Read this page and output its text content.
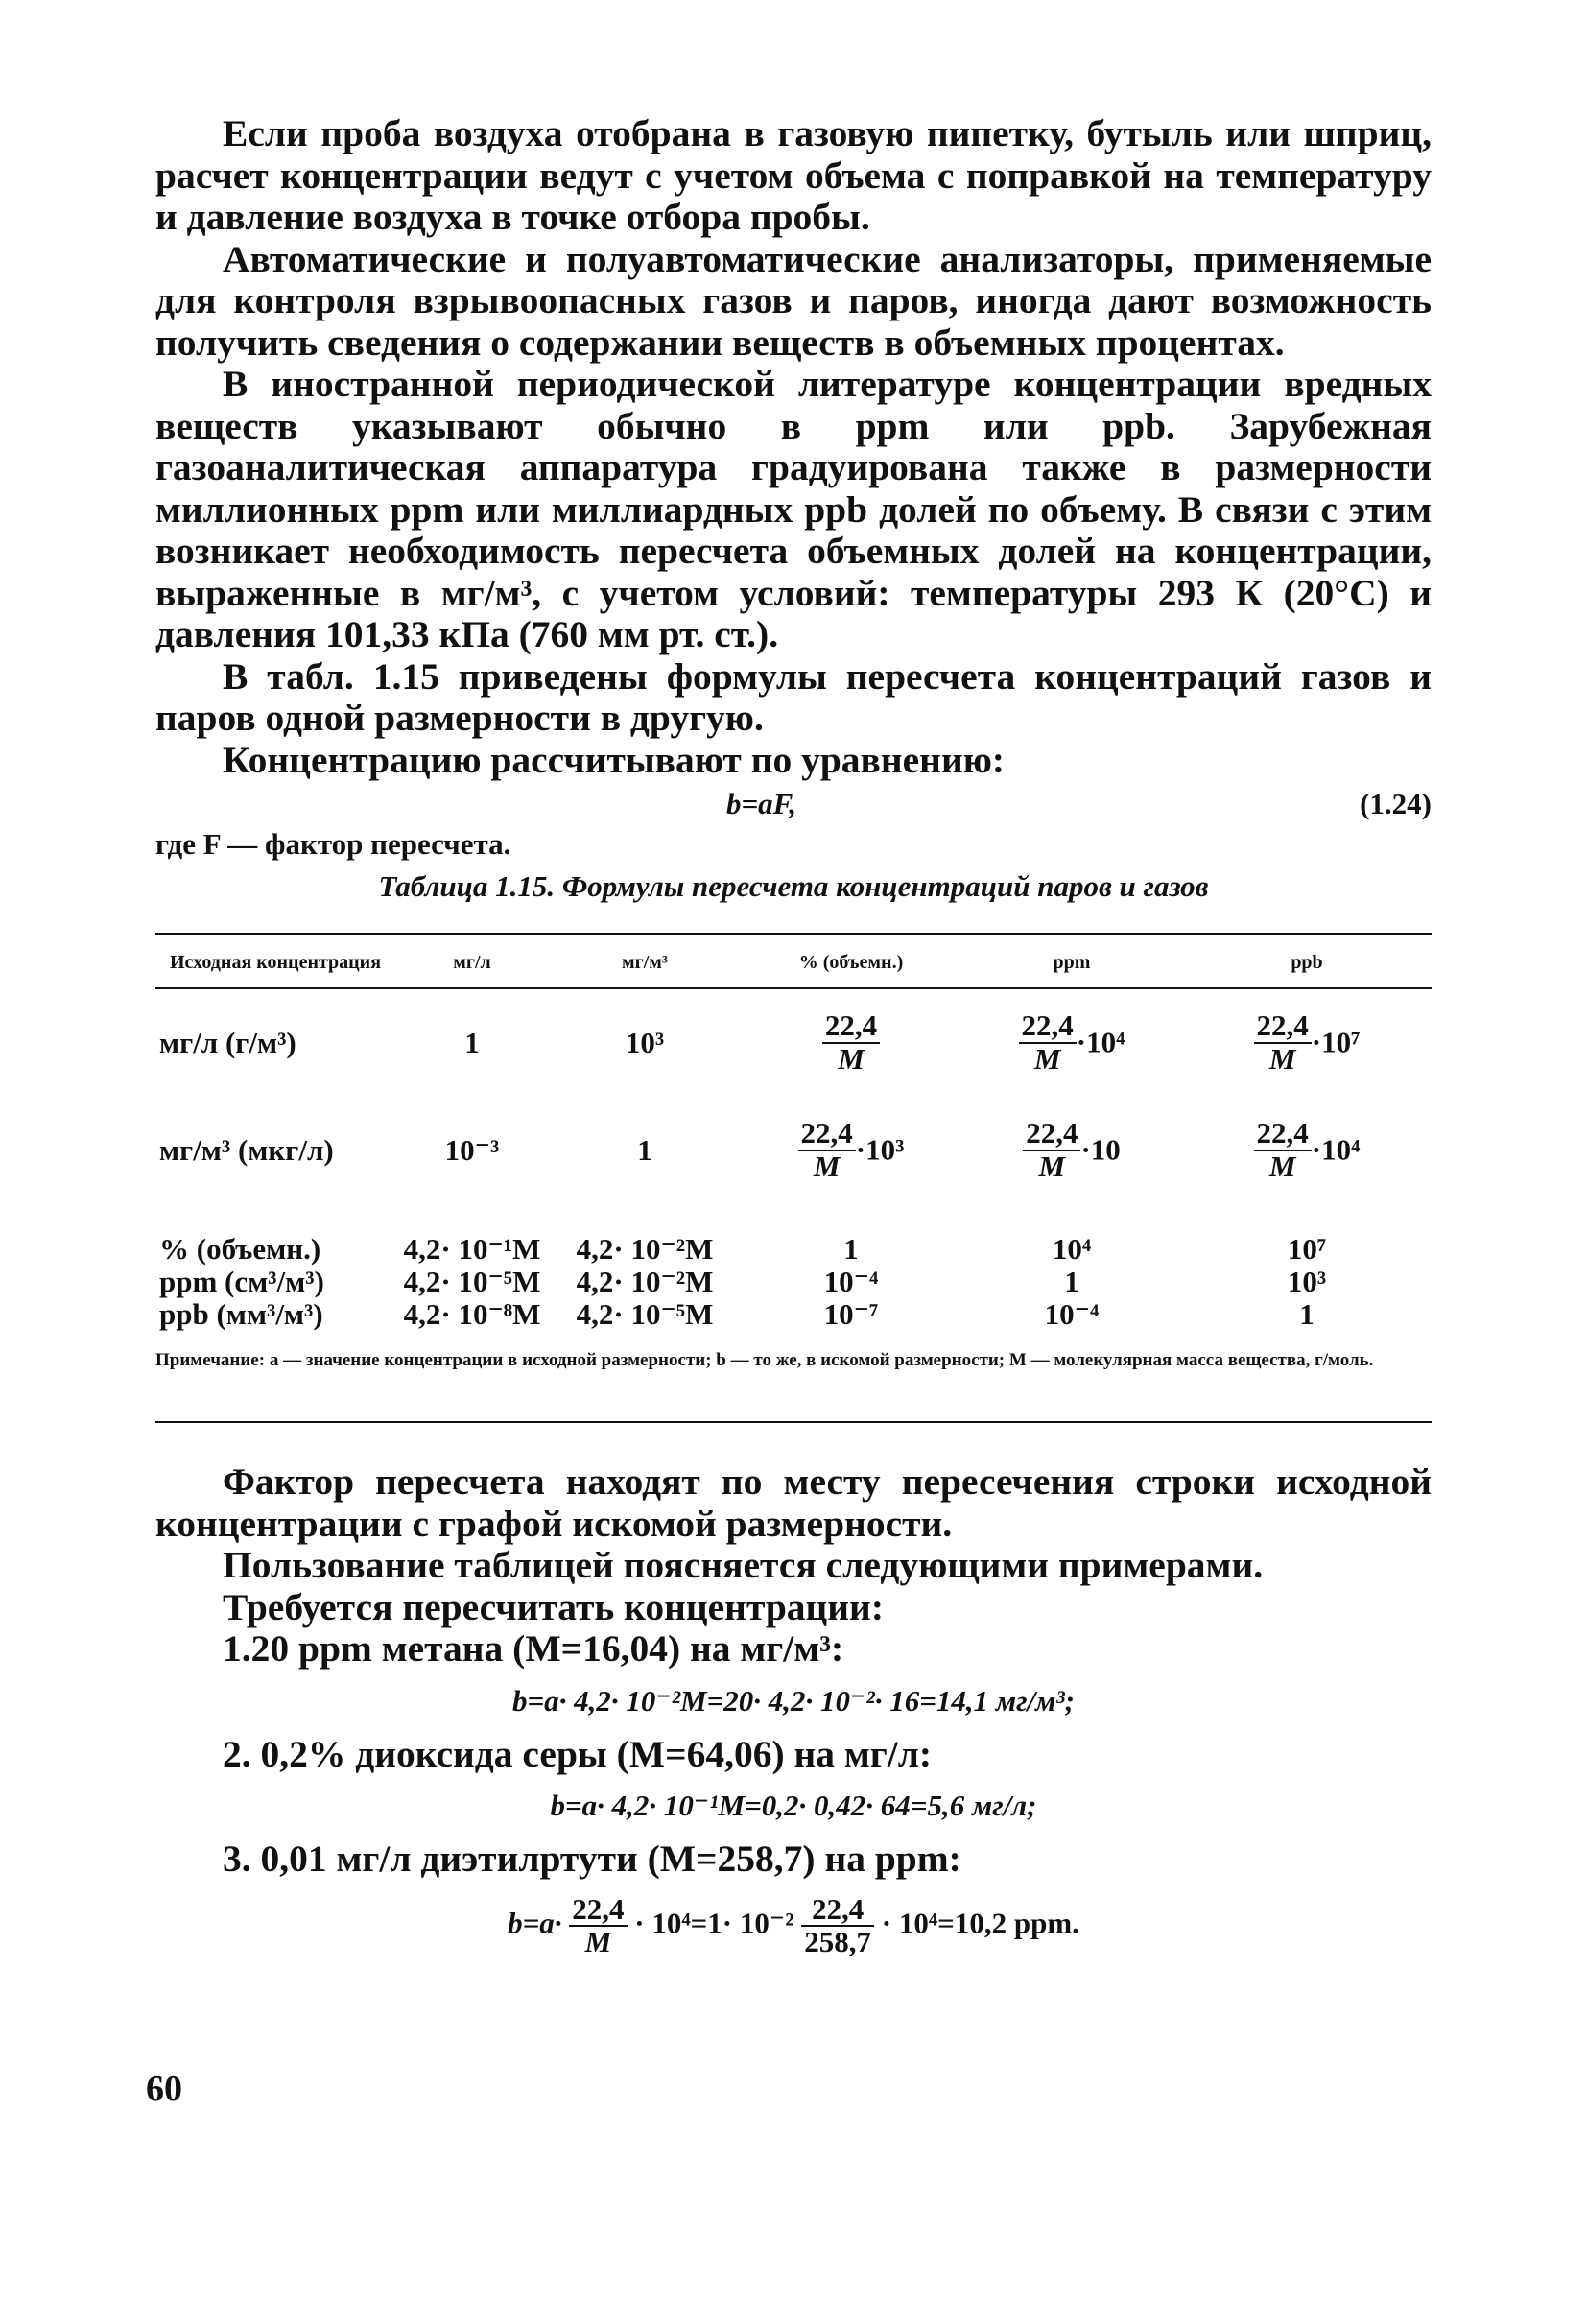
Если проба воздуха отобрана в газовую пипетку, бутыль или шприц, расчет концентрации ведут с учетом объема с поправкой на температуру и давление воздуха в точке отбора пробы.

Автоматические и полуавтоматические анализаторы, применяемые для контроля взрывоопасных газов и паров, иногда дают возможность получить сведения о содержании веществ в объемных процентах.

В иностранной периодической литературе концентрации вредных веществ указывают обычно в ppm или ppb. Зарубежная газоаналитическая аппаратура градуирована также в размерности миллионных ppm или миллиардных ppb долей по объему. В связи с этим возникает необходимость пересчета объемных долей на концентрации, выраженные в мг/м³, с учетом условий: температуры 293 К (20°С) и давления 101,33 кПа (760 мм рт. ст.).

В табл. 1.15 приведены формулы пересчета концентраций газов и паров одной размерности в другую.

Концентрацию рассчитывают по уравнению:

b=aF,	(1.24)
где F — фактор пересчета.
Таблица 1.15. Формулы пересчета концентраций паров и газов
Исходная концентрация	мг/л	мг/м³	% (объемн.)	ppm	ppb
мг/л (г/м³)	1	10³	$\frac{22,4}{M}$	$\frac{22,4}{M} \cdot 10^4$	$\frac{22,4}{M} \cdot 10^7$
мг/м³ (мкг/л)	10⁻³	1	$\frac{22,4}{M} \cdot 10^3$	$\frac{22,4}{M} \cdot 10$	$\frac{22,4}{M} \cdot 10^4$
% (объемн.)	4,2· 10⁻¹M	4,2· 10⁻²M	1	10⁴	10⁷
ppm (см³/м³)	4,2· 10⁻⁵M	4,2· 10⁻²M	10⁻⁴	1	10³
ppb (мм³/м³)	4,2· 10⁻⁸M	4,2· 10⁻⁵M	10⁻⁷	10⁻⁴	1
Примечание: a — значение концентрации в исходной размерности; b — то же, в искомой размерности; M — молекулярная масса вещества, г/моль.					

Фактор пересчета находят по месту пересечения строки исходной концентрации с графой искомой размерности.

Пользование таблицей поясняется следующими примерами.

Требуется пересчитать концентрации:

1.20 ppm метана (M=16,04) на мг/м³:

b=a· 4,2· 10⁻²M=20· 4,2· 10⁻²· 16=14,1 мг/м³;

2. 0,2% диоксида серы (M=64,06) на мг/л:

b=a· 4,2· 10⁻¹M=0,2· 0,42· 64=5,6 мг/л;

3. 0,01 мг/л диэтилртути (M=258,7) на ppm:

$b=a\cdot \frac{22,4}{M} \cdot 10^4=1\cdot 10^{-2} \frac{22,4}{258,7} \cdot 10^4=10,2$ ppm.
60
